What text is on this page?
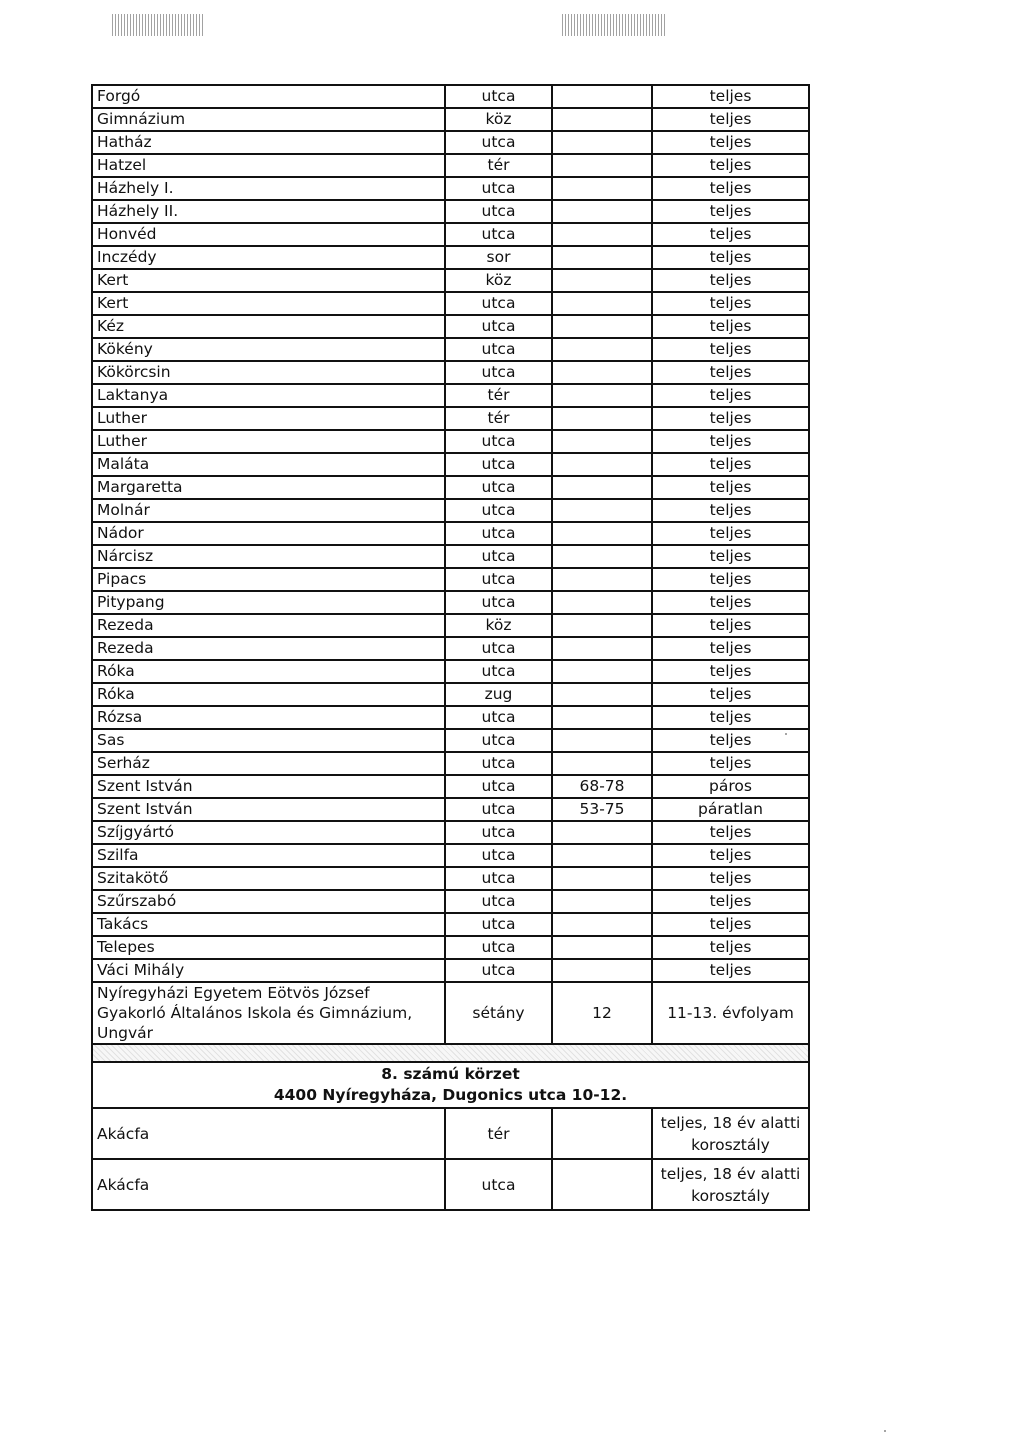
Forgó	utca		teljes
Gimnázium	köz		teljes
Hatház	utca		teljes
Hatzel	tér		teljes
Házhely I.	utca		teljes
Házhely II.	utca		teljes
Honvéd	utca		teljes
Inczédy	sor		teljes
Kert	köz		teljes
Kert	utca		teljes
Kéz	utca		teljes
Kökény	utca		teljes
Kökörcsin	utca		teljes
Laktanya	tér		teljes
Luther	tér		teljes
Luther	utca		teljes
Maláta	utca		teljes
Margaretta	utca		teljes
Molnár	utca		teljes
Nádor	utca		teljes
Nárcisz	utca		teljes
Pipacs	utca		teljes
Pitypang	utca		teljes
Rezeda	köz		teljes
Rezeda	utca		teljes
Róka	utca		teljes
Róka	zug		teljes
Rózsa	utca		teljes
Sas	utca		teljes
Serház	utca		teljes
Szent István	utca	68-78	páros
Szent István	utca	53-75	páratlan
Szíjgyártó	utca		teljes
Szilfa	utca		teljes
Szitakötő	utca		teljes
Szűrszabó	utca		teljes
Takács	utca		teljes
Telepes	utca		teljes
Váci Mihály	utca		teljes
Nyíregyházi Egyetem Eötvös József Gyakorló Általános Iskola és Gimnázium, Ungvár	sétány	12	11-13. évfolyam

8. számú körzet
4400 Nyíregyháza, Dugonics utca 10-12.			

Akácfa	tér		teljes, 18 év alatti korosztály
Akácfa	utca		teljes, 18 év alatti korosztály
